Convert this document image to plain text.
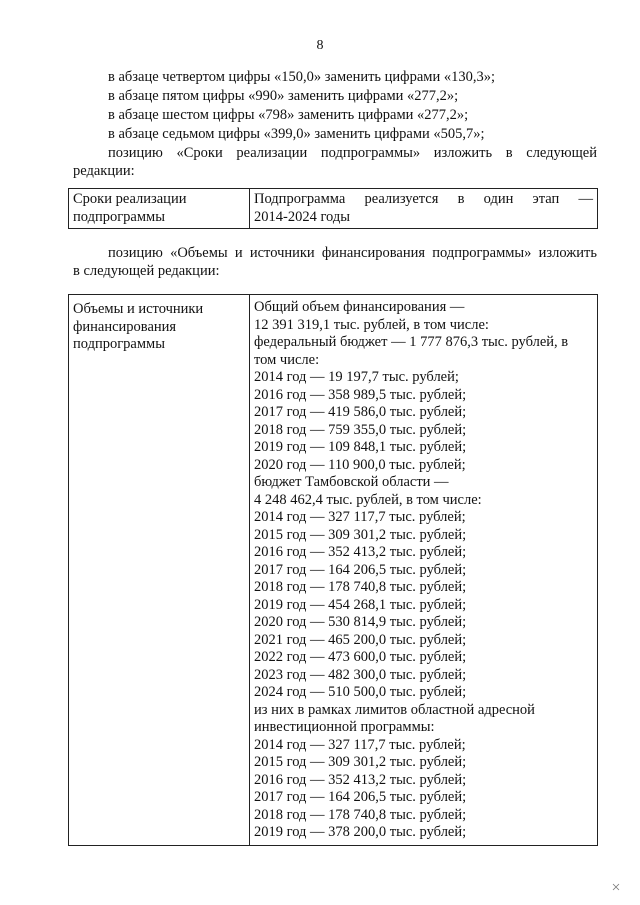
8
в абзаце четвертом цифры «150,0» заменить цифрами «130,3»;
в абзаце пятом цифры «990» заменить цифрами «277,2»;
в абзаце шестом цифры «798» заменить цифрами «277,2»;
в абзаце седьмом цифры «399,0» заменить цифрами «505,7»;
позицию «Сроки реализации подпрограммы» изложить в следующей
редакции:
Сроки реализации
подпрограммы

Подпрограмма реализуется в один этап —
2014-2024 годы
позицию «Объемы и источники финансирования подпрограммы» изложить
в следующей редакции:
Объемы и источники
финансирования
подпрограммы

Общий объем финансирования —
12 391 319,1 тыс. рублей, в том числе:
федеральный бюджет — 1 777 876,3 тыс. рублей, в
том числе:
2014 год — 19 197,7 тыс. рублей;
2016 год — 358 989,5 тыс. рублей;
2017 год — 419 586,0 тыс. рублей;
2018 год — 759 355,0 тыс. рублей;
2019 год — 109 848,1 тыс. рублей;
2020 год — 110 900,0 тыс. рублей;
бюджет Тамбовской области —
4 248 462,4 тыс. рублей, в том числе:
2014 год — 327 117,7 тыс. рублей;
2015 год — 309 301,2 тыс. рублей;
2016 год — 352 413,2 тыс. рублей;
2017 год — 164 206,5 тыс. рублей;
2018 год — 178 740,8 тыс. рублей;
2019 год — 454 268,1 тыс. рублей;
2020 год — 530 814,9 тыс. рублей;
2021 год — 465 200,0 тыс. рублей;
2022 год — 473 600,0 тыс. рублей;
2023 год — 482 300,0 тыс. рублей;
2024 год — 510 500,0 тыс. рублей;
из них в рамках лимитов областной адресной
инвестиционной программы:
2014 год — 327 117,7 тыс. рублей;
2015 год — 309 301,2 тыс. рублей;
2016 год — 352 413,2 тыс. рублей;
2017 год — 164 206,5 тыс. рублей;
2018 год — 178 740,8 тыс. рублей;
2019 год — 378 200,0 тыс. рублей;
